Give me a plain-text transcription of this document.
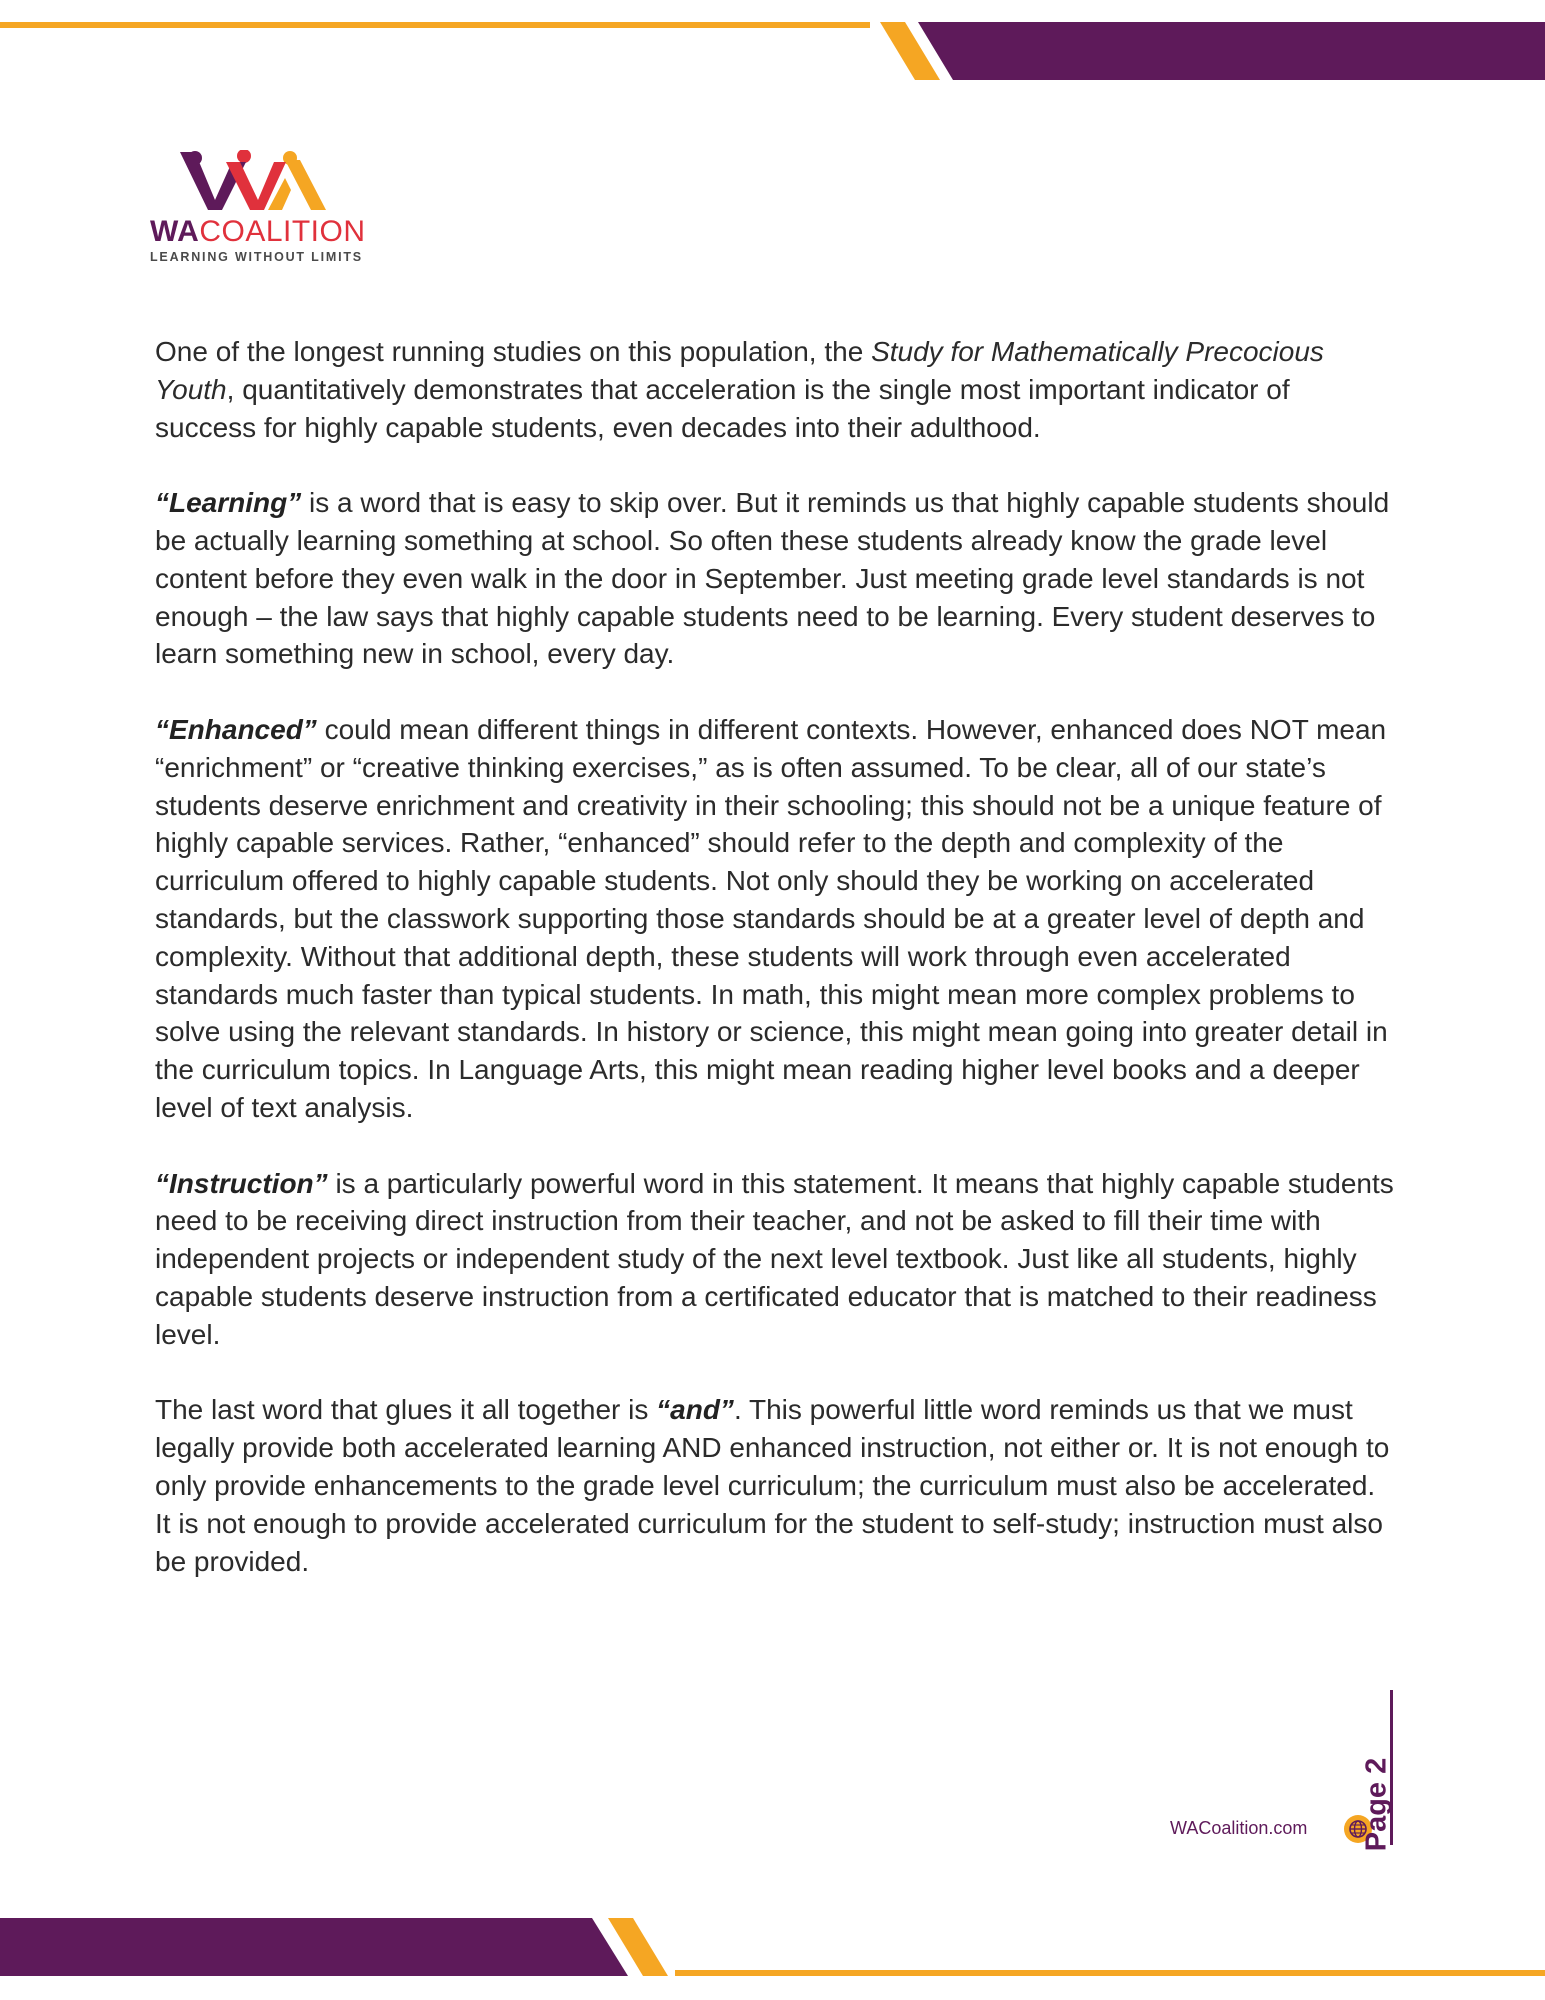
WACOALITION
LEARNING WITHOUT LIMITS

One of the longest running studies on this population, the Study for Mathematically Precocious Youth, quantitatively demonstrates that acceleration is the single most important indicator of success for highly capable students, even decades into their adulthood.

“Learning” is a word that is easy to skip over. But it reminds us that highly capable students should be actually learning something at school. So often these students already know the grade level content before they even walk in the door in September. Just meeting grade level standards is not enough – the law says that highly capable students need to be learning. Every student deserves to learn something new in school, every day.

“Enhanced” could mean different things in different contexts. However, enhanced does NOT mean “enrichment” or “creative thinking exercises,” as is often assumed. To be clear, all of our state’s students deserve enrichment and creativity in their schooling; this should not be a unique feature of highly capable services. Rather, “enhanced” should refer to the depth and complexity of the curriculum offered to highly capable students. Not only should they be working on accelerated standards, but the classwork supporting those standards should be at a greater level of depth and complexity. Without that additional depth, these students will work through even accelerated standards much faster than typical students. In math, this might mean more complex problems to solve using the relevant standards. In history or science, this might mean going into greater detail in the curriculum topics. In Language Arts, this might mean reading higher level books and a deeper level of text analysis.

“Instruction” is a particularly powerful word in this statement. It means that highly capable students need to be receiving direct instruction from their teacher, and not be asked to fill their time with independent projects or independent study of the next level textbook. Just like all students, highly capable students deserve instruction from a certificated educator that is matched to their readiness level.

The last word that glues it all together is “and”. This powerful little word reminds us that we must legally provide both accelerated learning AND enhanced instruction, not either or. It is not enough to only provide enhancements to the grade level curriculum; the curriculum must also be accelerated. It is not enough to provide accelerated curriculum for the student to self-study; instruction must also be provided.

WACoalition.com Page 2
